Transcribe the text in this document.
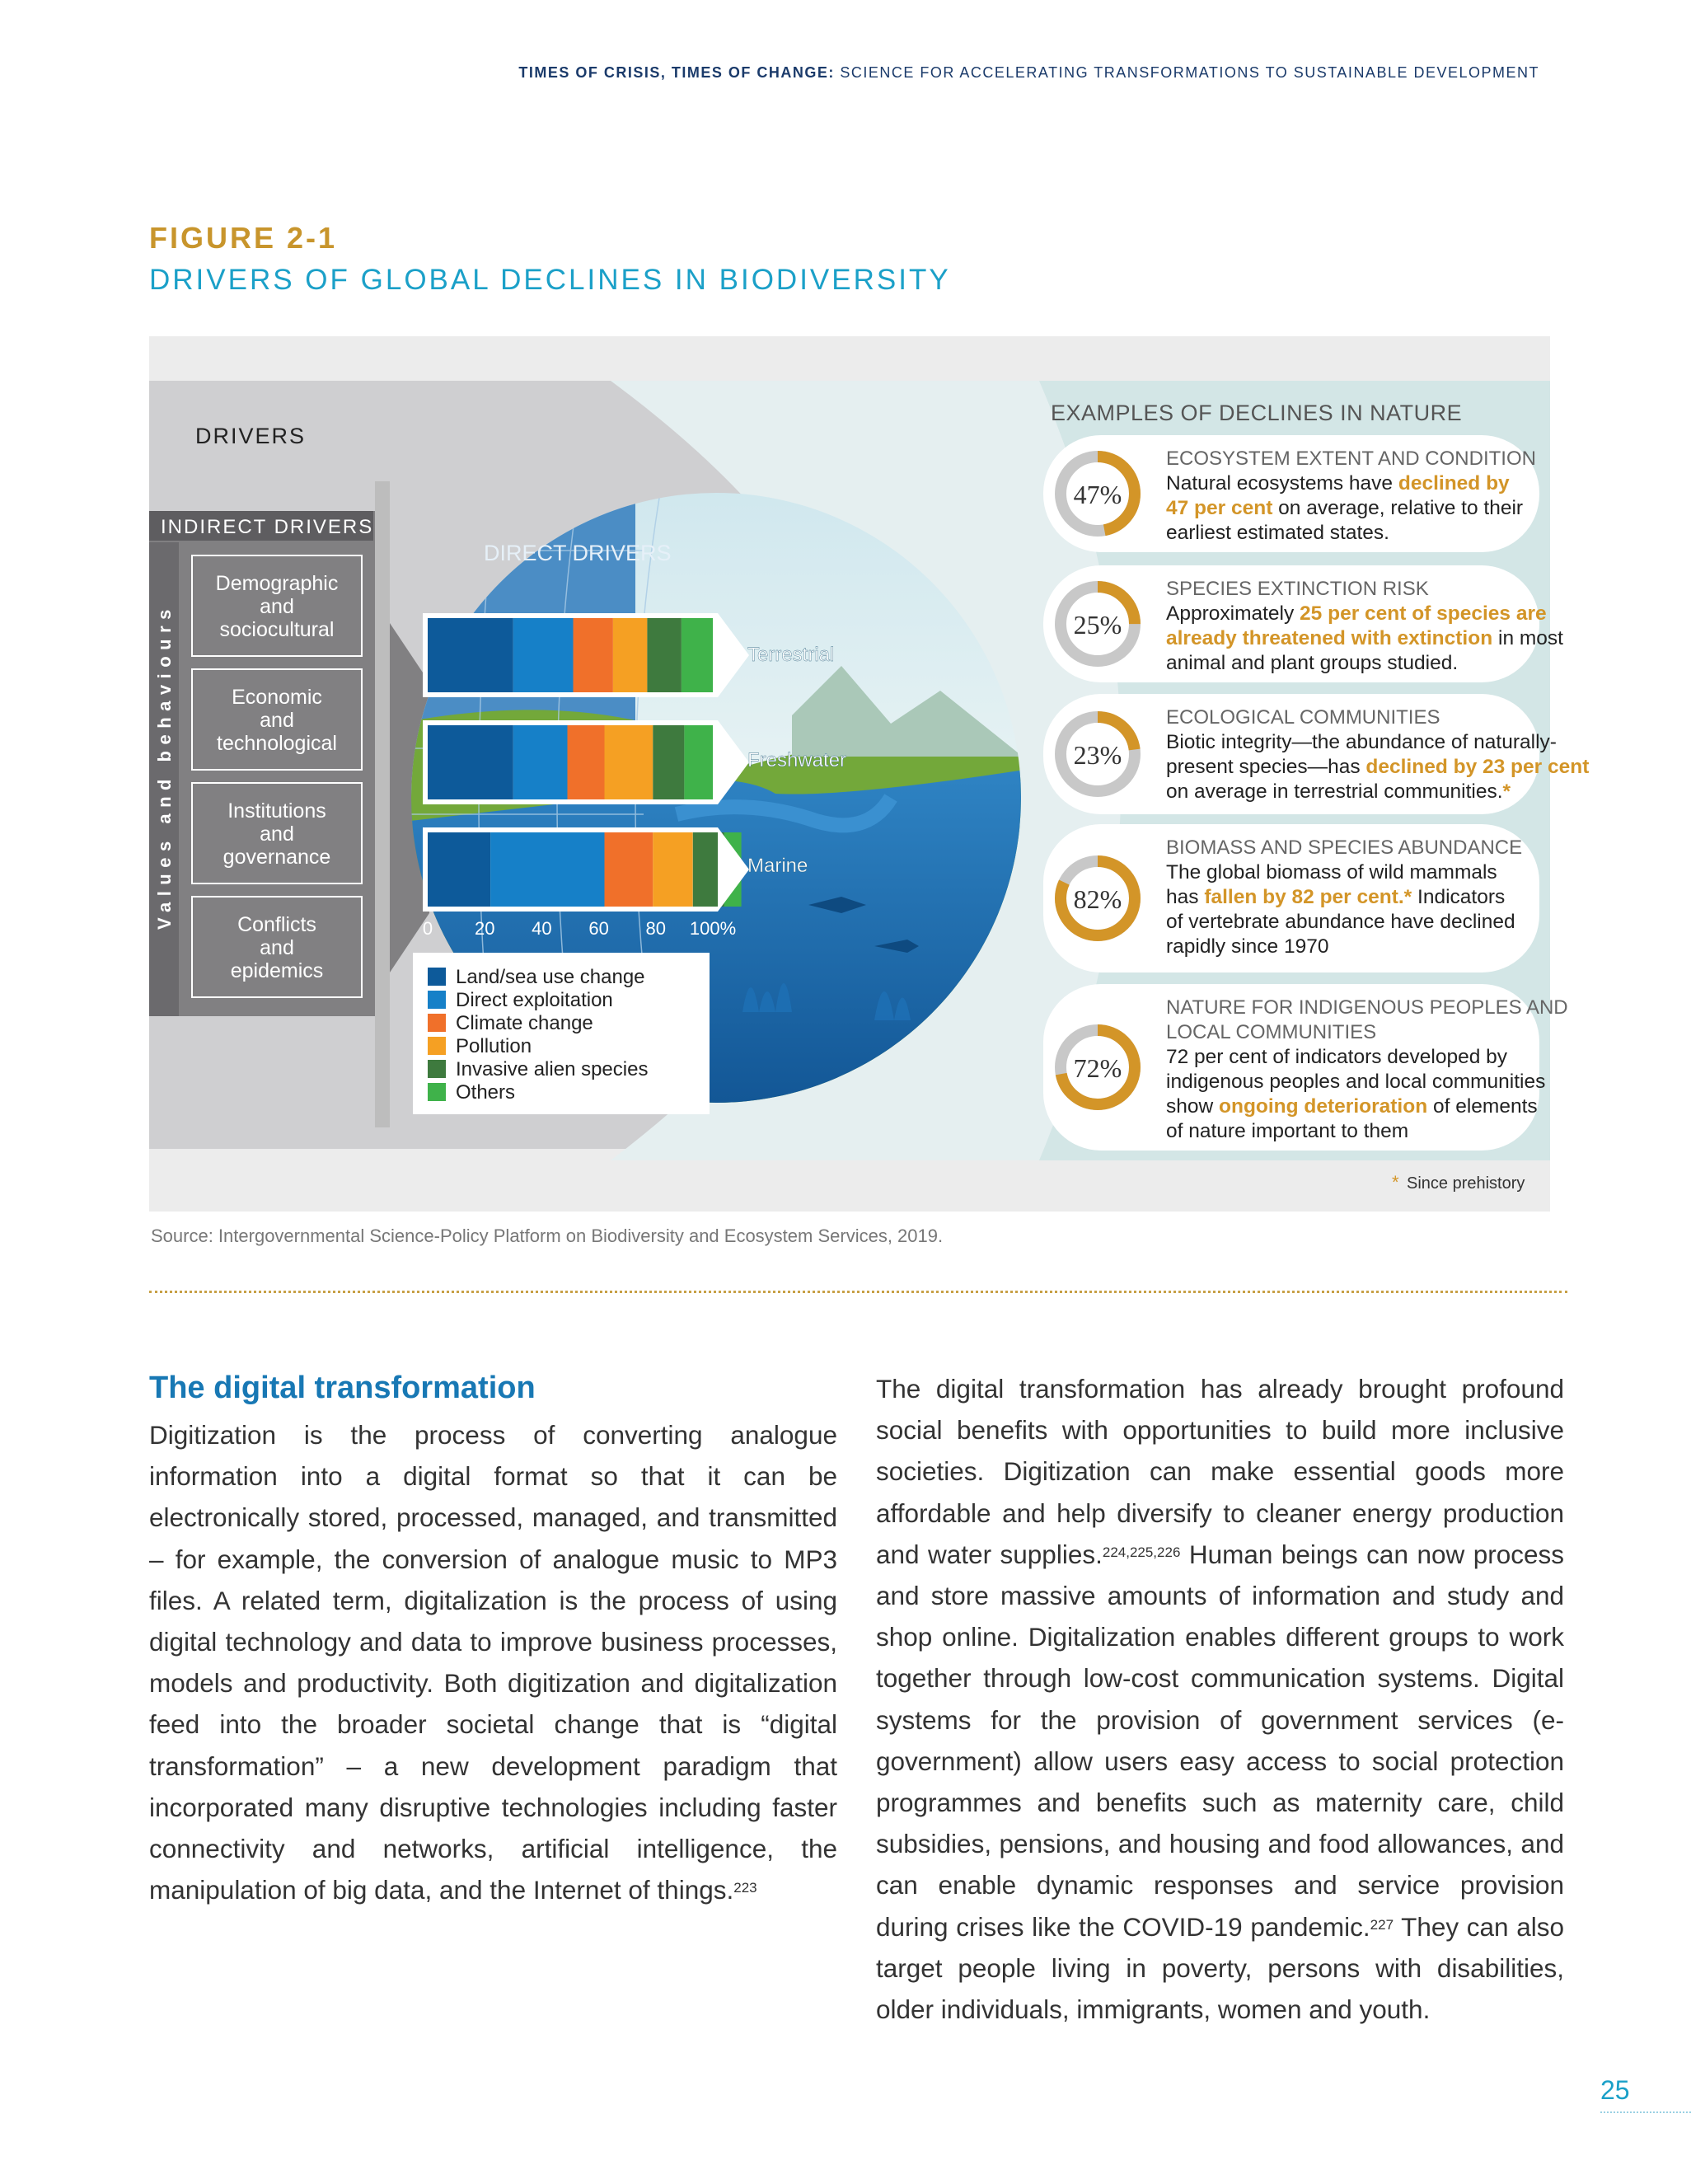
TIMES OF CRISIS, TIMES OF CHANGE: SCIENCE FOR ACCELERATING TRANSFORMATIONS TO SUSTAINABLE DEVELOPMENT
FIGURE 2-1
DRIVERS OF GLOBAL DECLINES IN BIODIVERSITY
DRIVERS
INDIRECT DRIVERS
Values and behaviours
Demographic
and
sociocultural
Economic
and
technological
Institutions
and
governance
Conflicts
and
epidemics
DIRECT DRIVERS
Terrestrial
Freshwater
Marine
0 20 40 60 80 100%
Land/sea use change
Direct exploitation
Climate change
Pollution
Invasive alien species
Others
EXAMPLES OF DECLINES IN NATURE
47%
ECOSYSTEM EXTENT AND CONDITION
Natural ecosystems have declined by
47 per cent on average, relative to their
earliest estimated states.
25%
SPECIES EXTINCTION RISK
Approximately 25 per cent of species are
already threatened with extinction in most
animal and plant groups studied.
23%
ECOLOGICAL COMMUNITIES
Biotic integrity—the abundance of naturally-
present species—has declined by 23 per cent
on average in terrestrial communities.*
82%
BIOMASS AND SPECIES ABUNDANCE
The global biomass of wild mammals
has fallen by 82 per cent.* Indicators
of vertebrate abundance have declined
rapidly since 1970
72%
NATURE FOR INDIGENOUS PEOPLES AND
LOCAL COMMUNITIES
72 per cent of indicators developed by
indigenous peoples and local communities
show ongoing deterioration of elements
of nature important to them
* Since prehistory
Source: Intergovernmental Science-Policy Platform on Biodiversity and Ecosystem Services, 2019.
The digital transformation

Digitization is the process of converting analogue information into a digital format so that it can be electronically stored, processed, managed, and transmitted – for example, the conversion of analogue music to MP3 files. A related term, digitalization is the process of using digital technology and data to improve business processes, models and productivity. Both digitization and digitalization feed into the broader societal change that is “digital transformation” – a new development paradigm that incorporated many disruptive technologies including faster connectivity and networks, artificial intelligence, the manipulation of big data, and the Internet of things.$^{223}$

The digital transformation has already brought profound social benefits with opportunities to build more inclusive societies. Digitization can make essential goods more affordable and help diversify to cleaner energy production and water supplies.$^{224,225,226}$ Human beings can now process and store massive amounts of information and study and shop online. Digitalization enables different groups to work together through low-cost communication systems. Digital systems for the provision of government services (e-government) allow users easy access to social protection programmes and benefits such as maternity care, child subsidies, pensions, and housing and food allowances, and can enable dynamic responses and service provision during crises like the COVID-19 pandemic.$^{227}$ They can also target people living in poverty, persons with disabilities, older individuals, immigrants, women and youth.

25
